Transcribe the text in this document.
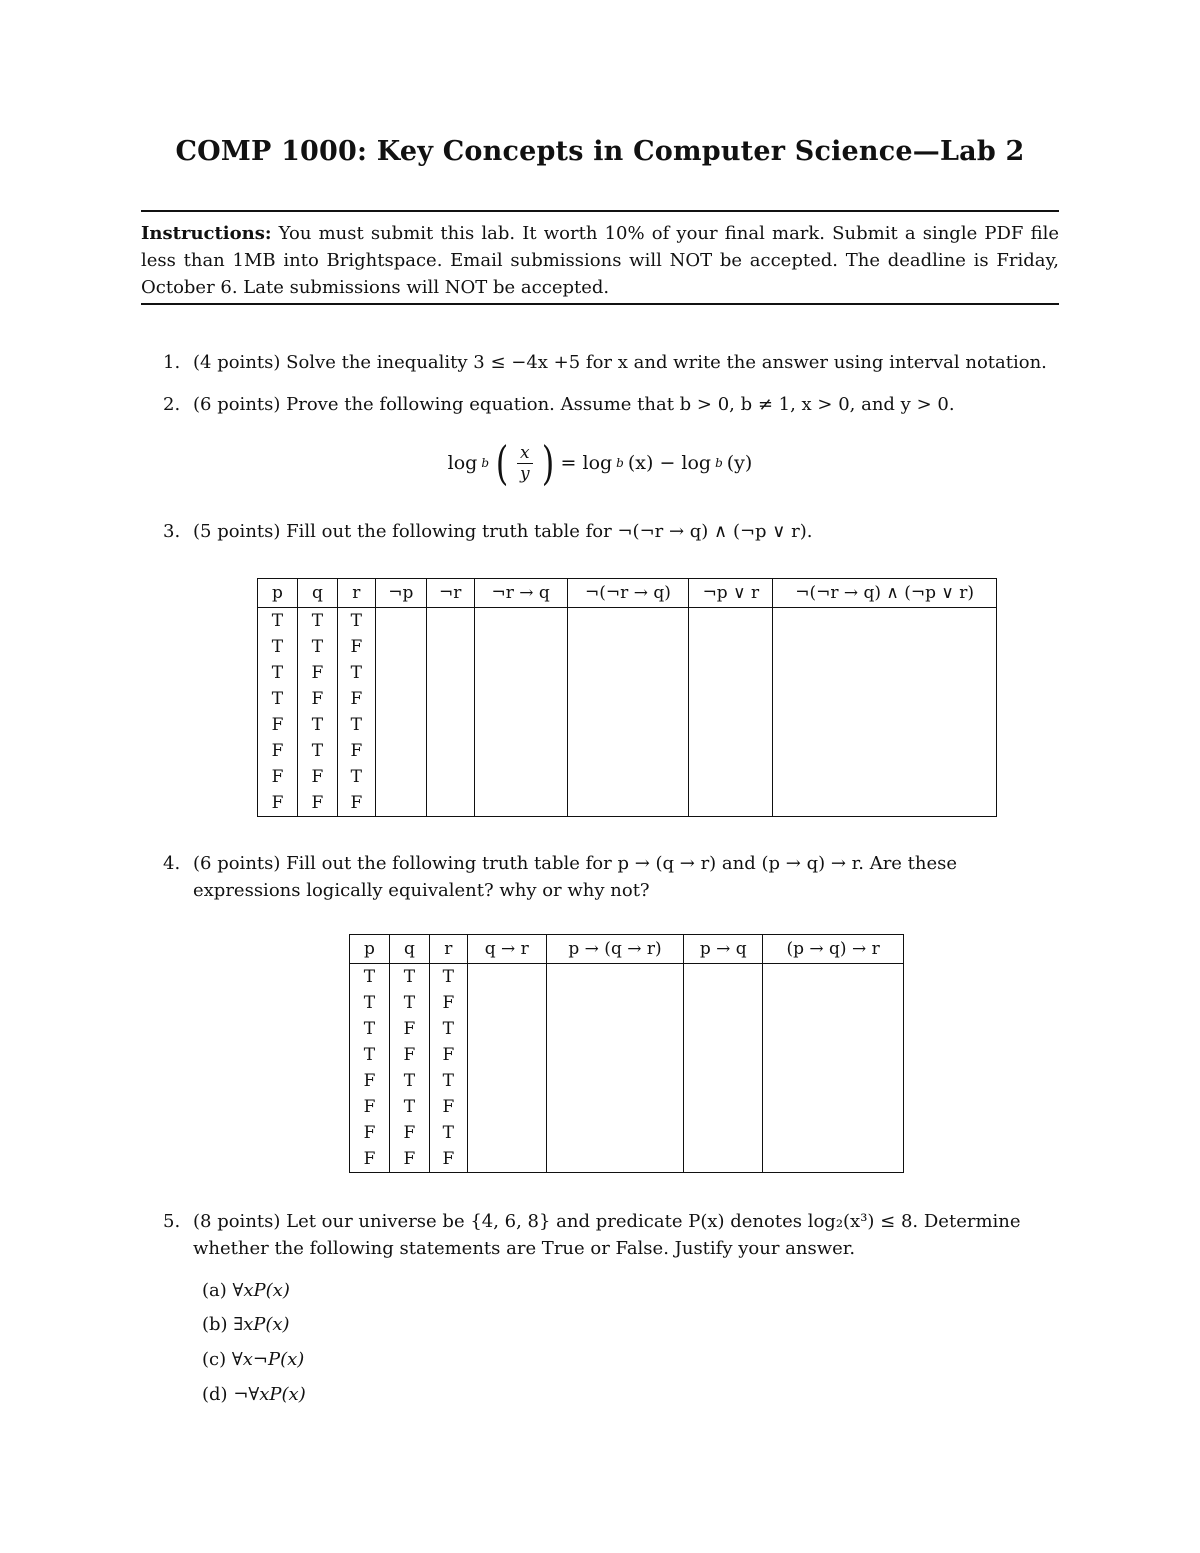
COMP 1000: Key Concepts in Computer Science—Lab 2
Instructions: You must submit this lab. It worth 10% of your final mark. Submit a single PDF file less than 1MB into Brightspace. Email submissions will NOT be accepted. The deadline is Friday, October 6. Late submissions will NOT be accepted.
1. (4 points) Solve the inequality 3 ≤ −4x +5 for x and write the answer using interval notation.
2. (6 points) Prove the following equation. Assume that b > 0, b ≠ 1, x > 0, and y > 0.
log b ( $\frac{x}{y}$ ) = log b (x) − log b (y)
3. (5 points) Fill out the following truth table for ¬(¬r → q) ∧ (¬p ∨ r).
p	q	r	¬p	¬r	¬r → q	¬(¬r → q)	¬p ∨ r	¬(¬r → q) ∧ (¬p ∨ r)
T	T	T						
T	T	F						
T	F	T						
T	F	F						
F	T	T						
F	T	F						
F	F	T						
F	F	F						
4. (6 points) Fill out the following truth table for p → (q → r) and (p → q) → r. Are these expressions logically equivalent? why or why not?
p	q	r	q → r	p → (q → r)	p → q	(p → q) → r
T	T	T				
T	T	F				
T	F	T				
T	F	F				
F	T	T				
F	T	F				
F	F	T				
F	F	F				
5. (8 points) Let our universe be {4, 6, 8} and predicate P(x) denotes log₂(x³) ≤ 8. Determine whether the following statements are True or False. Justify your answer.
(a) ∀xP(x)
(b) ∃xP(x)
(c) ∀x¬P(x)
(d) ¬∀xP(x)
